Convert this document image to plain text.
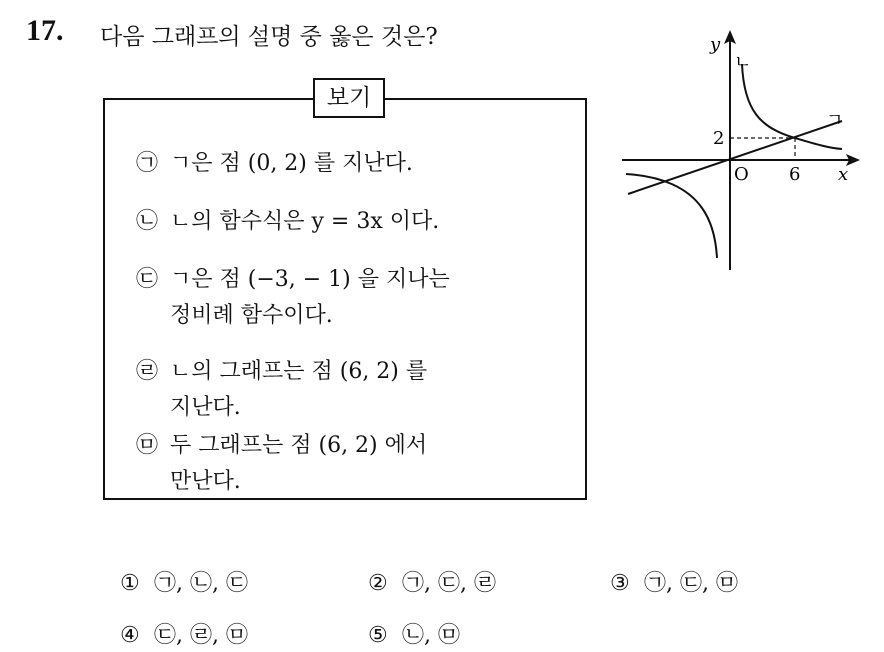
17. 다음 그래프의 설명 중 옳은 것은?
보기
㉠ ㄱ은 점 (0, 2) 를 지난다.
㉡ ㄴ의 함수식은 y = 3x 이다.
㉢ ㄱ은 점 (−3, − 1) 을 지나는
정비례 함수이다.
㉣ ㄴ의 그래프는 점 (6, 2) 를
지난다.
㉤ 두 그래프는 점 (6, 2) 에서
만난다.
y
x
O 6
2
ㄴ
ㄱ
① ㉠, ㉡, ㉢	② ㉠, ㉢, ㉣	③ ㉠, ㉢, ㉤
④ ㉢, ㉣, ㉤	⑤ ㉡, ㉤
